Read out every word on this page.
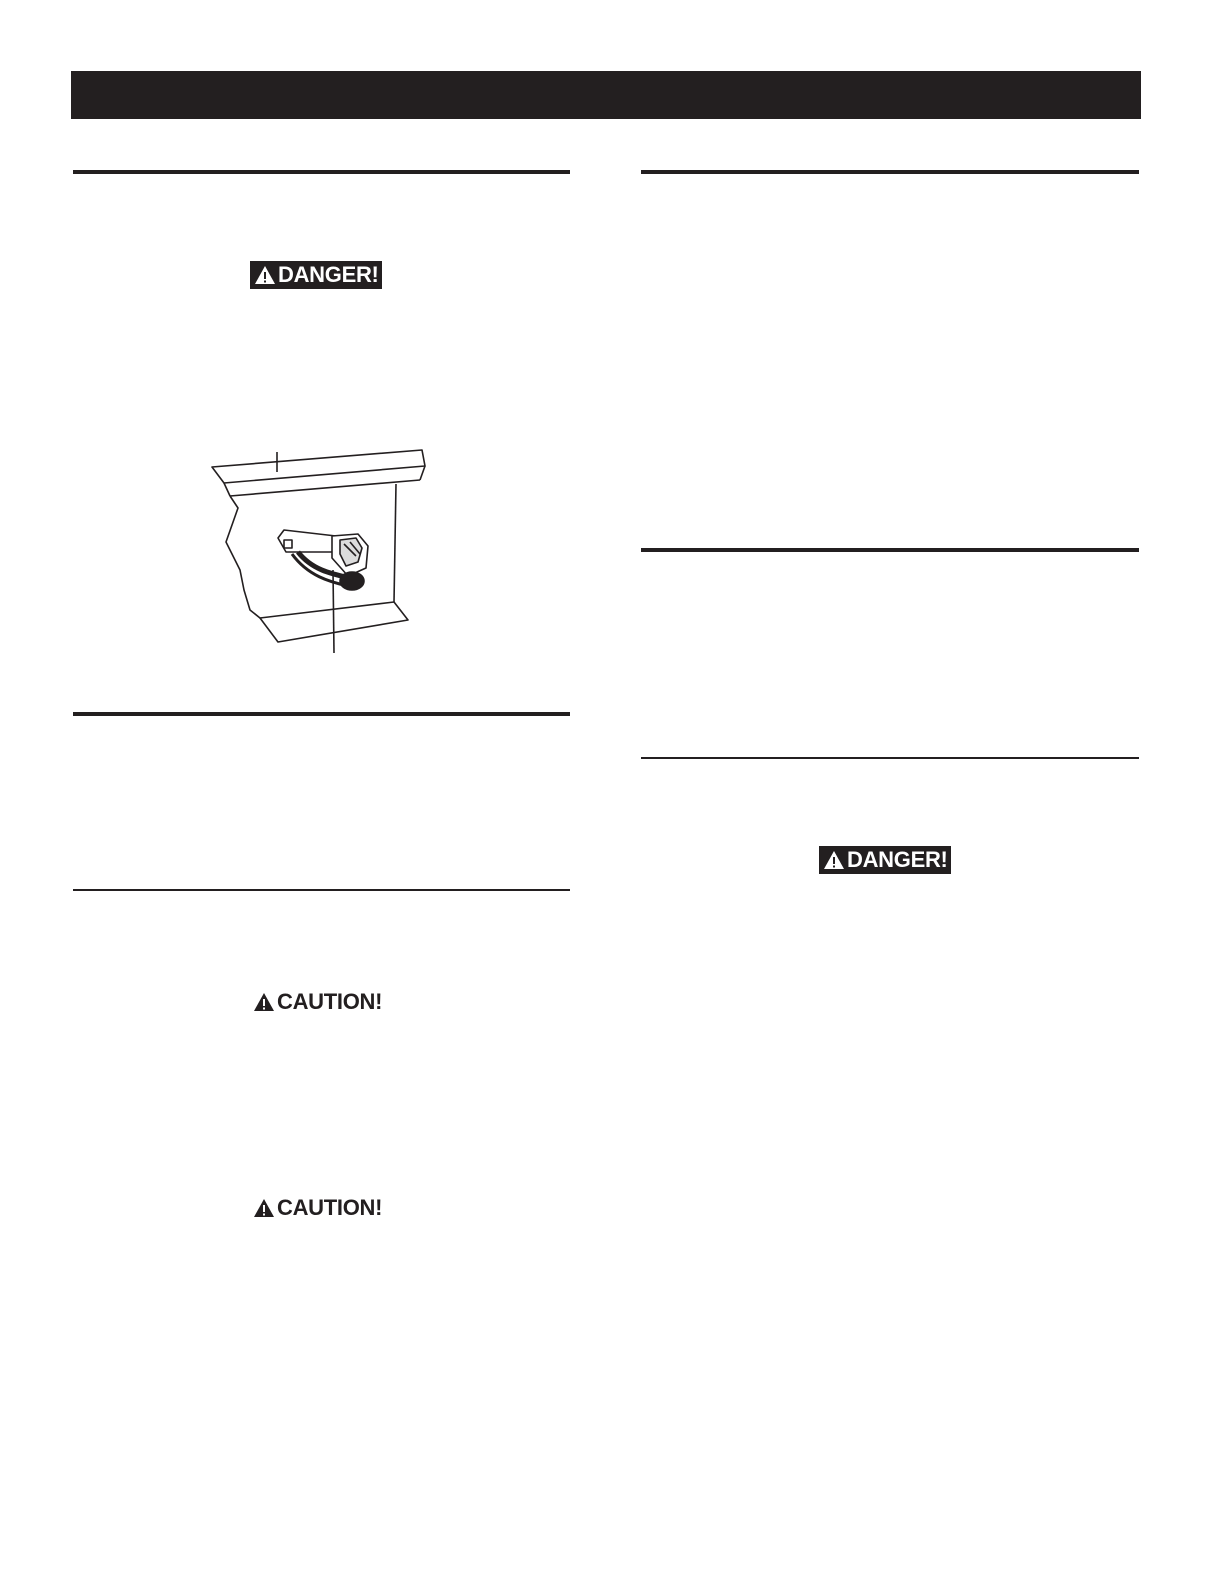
DANGER!
CAUTION!
CAUTION!
DANGER!
